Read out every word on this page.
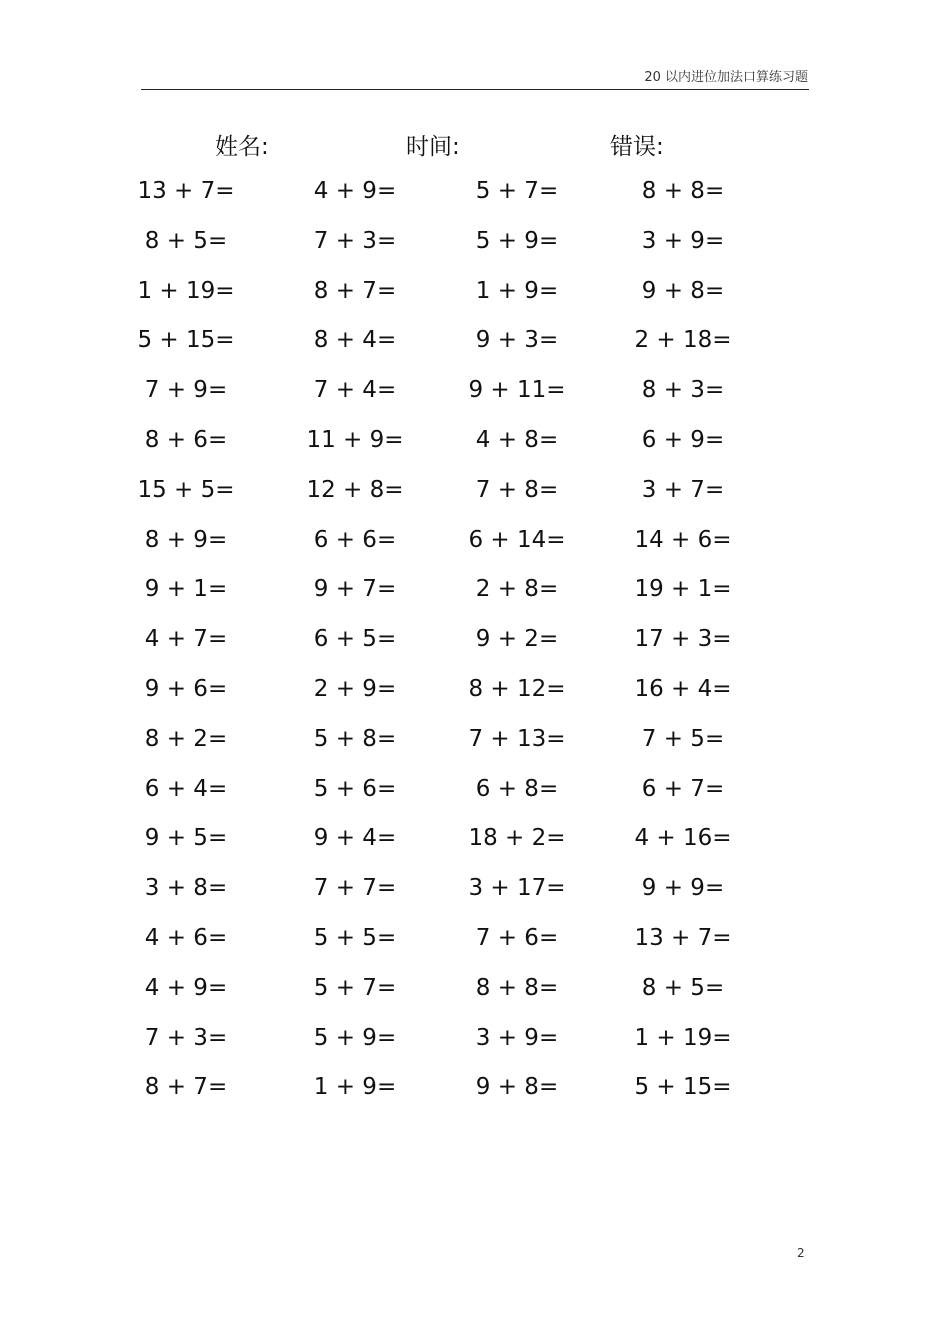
20 以内进位加法口算练习题
姓名:	时间:	错误:
13 + 7=	4 + 9=	5 + 7=	8 + 8=
8 + 5=	7 + 3=	5 + 9=	3 + 9=
1 + 19=	8 + 7=	1 + 9=	9 + 8=
5 + 15=	8 + 4=	9 + 3=	2 + 18=
7 + 9=	7 + 4=	9 + 11=	8 + 3=
8 + 6=	11 + 9=	4 + 8=	6 + 9=
15 + 5=	12 + 8=	7 + 8=	3 + 7=
8 + 9=	6 + 6=	6 + 14=	14 + 6=
9 + 1=	9 + 7=	2 + 8=	19 + 1=
4 + 7=	6 + 5=	9 + 2=	17 + 3=
9 + 6=	2 + 9=	8 + 12=	16 + 4=
8 + 2=	5 + 8=	7 + 13=	7 + 5=
6 + 4=	5 + 6=	6 + 8=	6 + 7=
9 + 5=	9 + 4=	18 + 2=	4 + 16=
3 + 8=	7 + 7=	3 + 17=	9 + 9=
4 + 6=	5 + 5=	7 + 6=	13 + 7=
4 + 9=	5 + 7=	8 + 8=	8 + 5=
7 + 3=	5 + 9=	3 + 9=	1 + 19=
8 + 7=	1 + 9=	9 + 8=	5 + 15=
2
